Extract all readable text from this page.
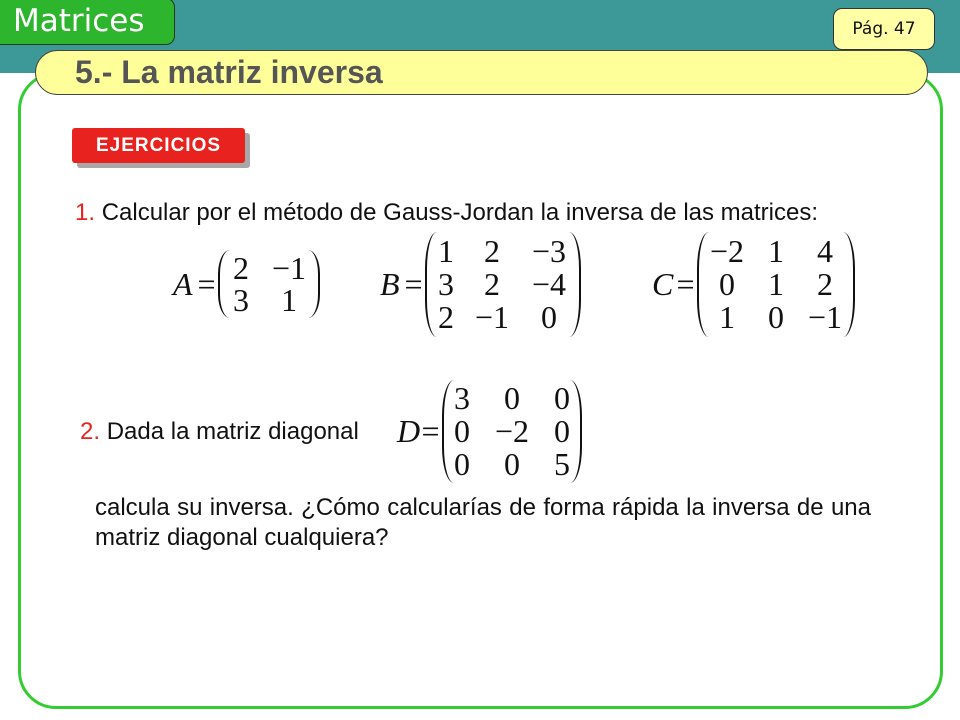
Matrices	Pág. 47
5.- La matriz inversa
EJERCICIOS
1. Calcular por el método de Gauss-Jordan la inversa de las matrices:
A = 2 −1
3 1	B =
1 2 −3
3 2 −4
2 −1 0
C =
−2 1 4
0 1 2
1 0 −1
2. Dada la matriz diagonal D =
3 0 0
0 −2 0
0 0 5

calcula su inversa. ¿Cómo calcularías de forma rápida la inversa de una matriz diagonal cualquiera?
